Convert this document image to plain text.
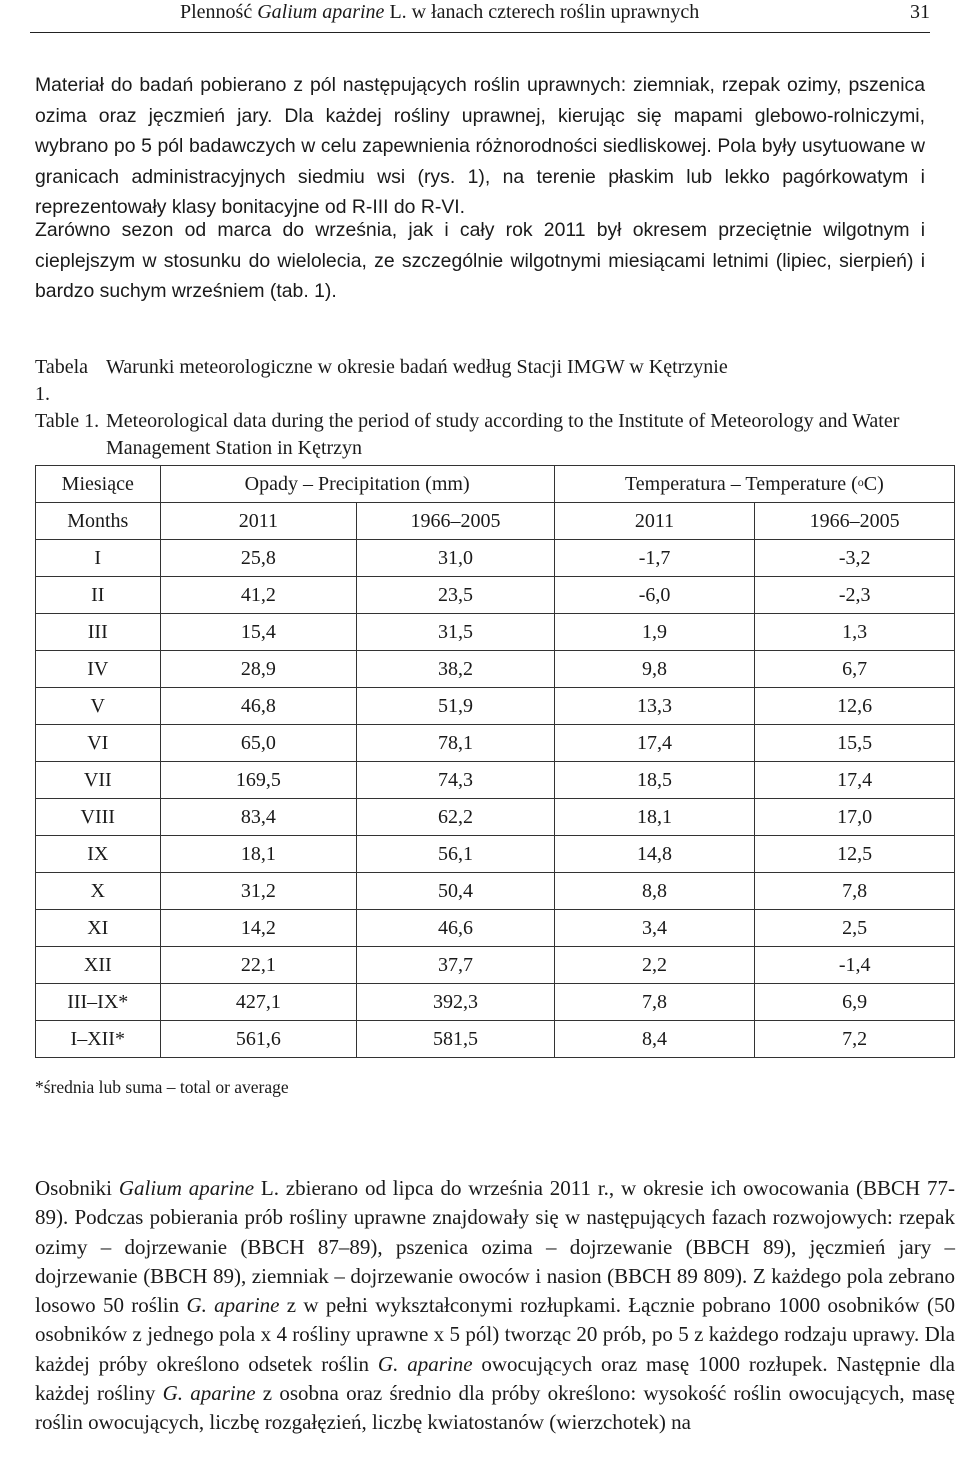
Plenność Galium aparine L. w łanach czterech roślin uprawnych	31

Materiał do badań pobierano z pól następujących roślin uprawnych: ziemniak, rzepak ozimy, pszenica ozima oraz jęczmień jary. Dla każdej rośliny uprawnej, kierując się mapami glebowo-rolniczymi, wybrano po 5 pól badawczych w celu zapewnienia różnorodności siedliskowej. Pola były usytuowane w granicach administracyjnych siedmiu wsi (rys. 1), na terenie płaskim lub lekko pagórkowatym i reprezentowały klasy bonitacyjne od R-III do R-VI.

Zarówno sezon od marca do września, jak i cały rok 2011 był okresem przeciętnie wilgotnym i cieplejszym w stosunku do wielolecia, ze szczególnie wilgotnymi miesiącami letnimi (lipiec, sierpień) i bardzo suchym wrześniem (tab. 1).

Tabela 1.
Warunki meteorologiczne w okresie badań według Stacji IMGW w Kętrzynie
Table 1. Meteorological data during the period of study according to the Institute of Meteorology and Water Management Station in Kętrzyn
Miesiące	Opady – Precipitation (mm)		Temperatura – Temperature ($^o$C)	
Months	2011	1966–2005	2011	1966–2005
I	25,8	31,0	-1,7	-3,2
II	41,2	23,5	-6,0	-2,3
III	15,4	31,5	1,9	1,3
IV	28,9	38,2	9,8	6,7
V	46,8	51,9	13,3	12,6
VI	65,0	78,1	17,4	15,5
VII	169,5	74,3	18,5	17,4
VIII	83,4	62,2	18,1	17,0
IX	18,1	56,1	14,8	12,5
X	31,2	50,4	8,8	7,8
XI	14,2	46,6	3,4	2,5
XII	22,1	37,7	2,2	-1,4
III–IX*	427,1	392,3	7,8	6,9
I–XII*	561,6	581,5	8,4	7,2
*średnia lub suma – total or average

Osobniki Galium aparine L. zbierano od lipca do września 2011 r., w okresie ich owocowania (BBCH 77-89). Podczas pobierania prób rośliny uprawne znajdowały się w następujących fazach rozwojowych: rzepak ozimy – dojrzewanie (BBCH 87–89), pszenica ozima – dojrzewanie (BBCH 89), jęczmień jary – dojrzewanie (BBCH 89), ziemniak – dojrzewanie owoców i nasion (BBCH 89 809). Z każdego pola zebrano losowo 50 roślin G. aparine z w pełni wykształconymi rozłupkami. Łącznie pobrano 1000 osobników (50 osobników z jednego pola x 4 rośliny uprawne x 5 pól) tworząc 20 prób, po 5 z każdego rodzaju uprawy. Dla każdej próby określono odsetek roślin G. aparine owocujących oraz masę 1000 rozłupek. Następnie dla każdej rośliny G. aparine z osobna oraz średnio dla próby określono: wysokość roślin owocujących, masę roślin owocujących, liczbę rozgałęzień, liczbę kwiatostanów (wierzchotek) na
